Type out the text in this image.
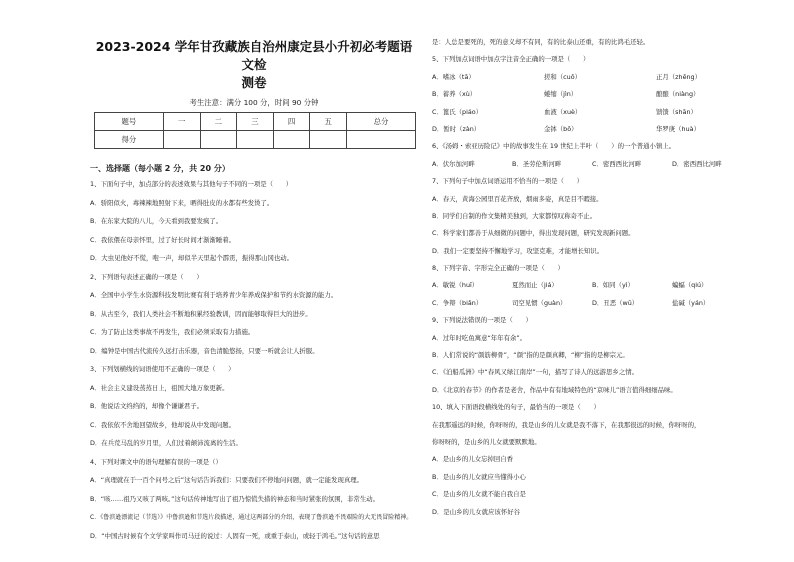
2023-2024 学年甘孜藏族自治州康定县小升初必考题语文检
测卷
考生注意：满分 100 分，时间 90 分钟
题号	一	二	三	四	五	总分
得分						
一、选择题（每小题 2 分，共 20 分）
1、下面句子中，加点部分的表述效果与其他句子不同的一项是（　　）
A．骄阳似火，毒辣辣地照射下来，晒得肚皮的水都有些发烫了。
B．在东家大院的八儿，今天看到我要发疯了。
C．我依偎在母亲怀里，过了好长时间才渐渐睡着。
D．大虫见他好不慌，咆一声，却似半天里起个霹雳，振得那山冈也动。
2、下列语句表述正确的一项是（　　）
A．全国中小学生水资源科技发明比赛有利于培养青少年养成保护和节约水资源的能力。
B．从古至今，我们人类社会不断地积累经验教训，因而能够取得巨大的进步。
C．为了防止这类事故不再发生，我们必须采取有力措施。
D．编钟是中国古代流传久远打击乐器，音色清脆悠扬，只要一听就会让人折服。
3、下列划横线的词语使用不正确的一项是（　　）
A．社会主义建设蒸蒸日上，祖国大地万象更新。
B．他说话文绉绉的，却像个谦谦君子。
C．我依依不舍地回望故乡，他却说从中发现问题。
D．在兵荒马乱的岁月里，人们过着颠沛流离的生活。
4、下列对课文中的语句理解有误的一项是（）
A．“真理就在于一百个问号之后”这句话告诉我们：只要我们不停地问问题，就一定能发现真理。
B．“咳……祖乃又咳了两咳。”这句话传神地写出了祖乃惊慌失措的神态和当时紧张的氛围，非常生动。
C．《鲁滨逊漂流记（节选）》中鲁滨逊和节选片段描述，通过这两部分的介绍，表现了鲁滨逊不畏艰险的大无畏冒险精神。
D．“中国古时候有个文学家叫作司马迁的说过：人固有一死，或重于泰山，或轻于鸿毛。”这句话的意思
是：人总是要死的，死的意义却不有同，有的比泰山还重，有的比鸿毛还轻。
5、下列加点词语中加点字注音全正确的一项是（　　）
A．嗜冰（tā）	搓和（cuō）	正月（zhēng）
B．蓄养（xù）	蜷缩（jìn）	酿酿（niàng）
C．篦氏（piáo）	血液（xuè）	馈馈（shān）
D．暂时（zàn）	金钵（bō）	华罗庚（huà）
6、《汤姆・索亚历险记》中的故事发生在 19 世纪上半叶（　　）的一个普通小镇上。
A．伏尔加河畔	B．圣劳伦斯河畔	C．密西西比河畔	D．密西西比河畔
7、下列句子中加点词语运用不恰当的一项是（　　）
A．春天，黄海公园里百花齐放，烟雨多姿，真是目不暇接。
B．同学们自制的作文集精美独到，大家都惊叹称奇不止。
C．科学家们都善于从细微的问题中，得出发现问题，研究发现新问题。
D．我们一定要坚持不懈地学习，攻坚克难，才能增长知识。
8、下列字音、字形完全正确的一项是（　　）
A．敏锐（huī）	夏然而止（jiá）	B．如同（yì）	蝙蝠（qiú）
C．争辩（biǎn）	司空见惯（guàn）	D．丑恶（wū）	盐碱（yán）
9、下列说法错误的一项是（　　）
A．过年时吃鱼寓意“年年有余”。
B．人们常说的“颜筋柳骨”，“颜”指的是颜真卿，“柳”指的是柳宗元。
C．《泊船瓜洲》中“春风又绿江南岸”一句，描写了诗人的远游思乡之情。
D．《北京的春节》的作者是老舍，作品中有有地域特色的“京味儿”语言值得细细品味。
10、填入下面语段横线处的句子，最恰当的一项是（　　）
在我那遥远的时候，你呀呀的，我是山乡的儿女就是我不落下，在我那很远的时候，你呀呀的，
你呀呀的，是山乡的儿女就要默默地。
A．是山乡的儿女忘掉回自香
B．是山乡的儿女就应当懂得小心
C．是山乡的儿女就不能自我自是
D．是山乡的儿女就应该怀好谷
